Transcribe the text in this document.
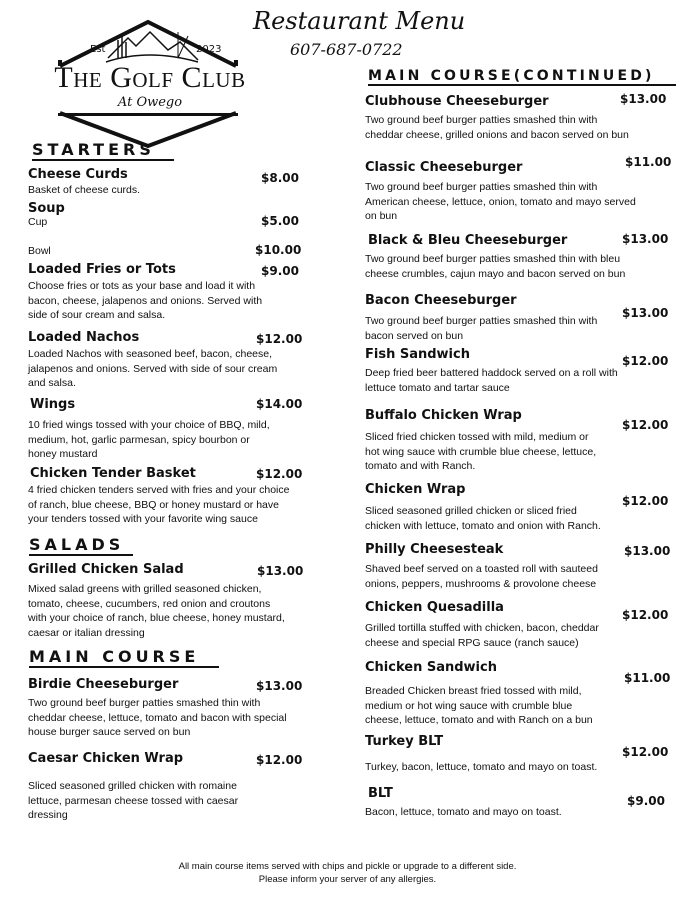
Restaurant Menu
607-687-0722
Est	2023
The Golf Club
At Owego
STARTERS
Cheese Curds	$8.00
Basket of cheese curds.
Soup
Cup	$5.00
Bowl	$10.00
Loaded Fries or Tots	$9.00
Choose fries or tots as your base and load it with bacon, cheese, jalapenos and onions. Served with side of sour cream and salsa.
Loaded Nachos	$12.00
Loaded Nachos with seasoned beef, bacon, cheese, jalapenos and onions. Served with side of sour cream and salsa.
Wings	$14.00
10 fried wings tossed with your choice of BBQ, mild, medium, hot, garlic parmesan, spicy bourbon or honey mustard
Chicken Tender Basket	$12.00
4 fried chicken tenders served with fries and your choice of ranch, blue cheese, BBQ or honey mustard or have your tenders tossed with your favorite wing sauce
SALADS
Grilled Chicken Salad	$13.00
Mixed salad greens with grilled seasoned chicken, tomato, cheese, cucumbers, red onion and croutons with your choice of ranch, blue cheese, honey mustard, caesar or italian dressing
MAIN COURSE
Birdie Cheeseburger	$13.00
Two ground beef burger patties smashed thin with cheddar cheese, lettuce, tomato and bacon with special house burger sauce served on bun
Caesar Chicken Wrap	$12.00
Sliced seasoned grilled chicken with romaine lettuce, parmesan cheese tossed with caesar dressing
MAIN COURSE(CONTINUED)
Clubhouse Cheeseburger	$13.00
Two ground beef burger patties smashed thin with cheddar cheese, grilled onions and bacon served on bun
Classic Cheeseburger	$11.00
Two ground beef burger patties smashed thin with American cheese, lettuce, onion, tomato and mayo served on bun
Black & Bleu Cheeseburger	$13.00
Two ground beef burger patties smashed thin with bleu cheese crumbles, cajun mayo and bacon served on bun
Bacon Cheeseburger
$13.00
Two ground beef burger patties smashed thin with bacon served on bun
Fish Sandwich	$12.00
Deep fried beer battered haddock served on a roll with lettuce tomato and tartar sauce
Buffalo Chicken Wrap
$12.00
Sliced fried chicken tossed with mild, medium or hot wing sauce with crumble blue cheese, lettuce, tomato and with Ranch.
Chicken Wrap
$12.00
Sliced seasoned grilled chicken or sliced fried chicken with lettuce, tomato and onion with Ranch.
Philly Cheesesteak	$13.00
Shaved beef served on a toasted roll with sauteed onions, peppers, mushrooms & provolone cheese
Chicken Quesadilla	$12.00
Grilled tortilla stuffed with chicken, bacon, cheddar cheese and special RPG sauce (ranch sauce)
Chicken Sandwich
$11.00
Breaded Chicken breast fried tossed with mild, medium or hot wing sauce with crumble blue cheese, lettuce, tomato and with Ranch on a bun
Turkey BLT
$12.00
Turkey, bacon, lettuce, tomato and mayo on toast.
BLT	$9.00
Bacon, lettuce, tomato and mayo on toast.
All main course items served with chips and pickle or upgrade to a different side.
Please inform your server of any allergies.
